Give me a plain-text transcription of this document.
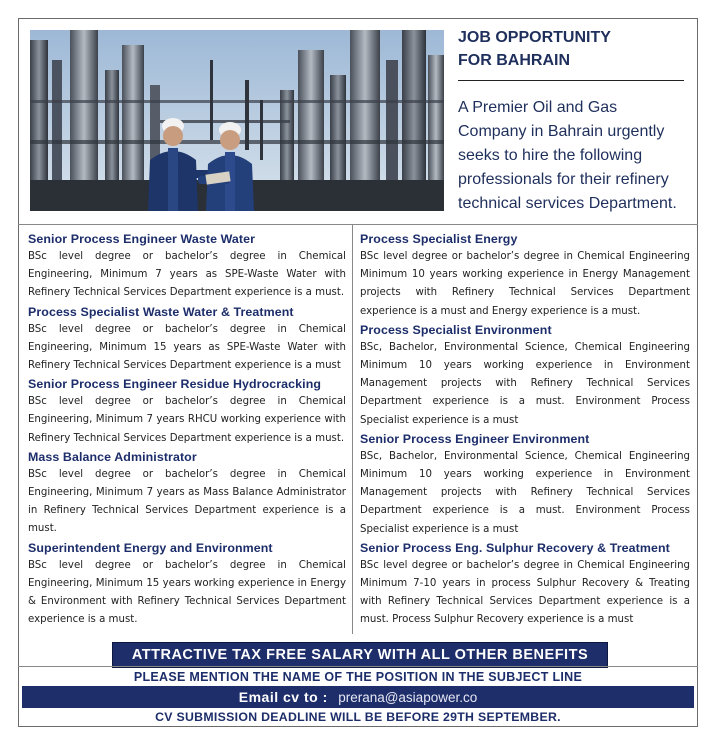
JOB OPPORTUNITY
FOR BAHRAIN
A Premier Oil and Gas Company in Bahrain urgently seeks to hire the following professionals for their refinery technical services Department.
Senior Process Engineer Waste Water

BSc level degree or bachelor’s degree in Chemical Engineering, Minimum 7 years as SPE-Waste Water with Refinery Technical Services Department experience is a must.

Process Specialist Waste Water & Treatment

BSc level degree or bachelor’s degree in Chemical Engineering, Minimum 15 years as SPE-Waste Water with Refinery Technical Services Department experience is a must

Senior Process Engineer Residue Hydrocracking

BSc level degree or bachelor’s degree in Chemical Engineering, Minimum 7 years RHCU working experience with Refinery Technical Services Department experience is a must.

Mass Balance Administrator

BSc level degree or bachelor’s degree in Chemical Engineering, Minimum 7 years as Mass Balance Administrator in Refinery Technical Services Department experience is a must.

Superintendent Energy and Environment

BSc level degree or bachelor’s degree in Chemical Engineering, Minimum 15 years working experience in Energy & Environment with Refinery Technical Services Department experience is a must.

Process Specialist Energy

BSc level degree or bachelor’s degree in Chemical Engineering Minimum 10 years working experience in Energy Management projects with Refinery Technical Services Department experience is a must and Energy experience is a must.

Process Specialist Environment

BSc, Bachelor, Environmental Science, Chemical Engineering Minimum 10 years working experience in Environment Management projects with Refinery Technical Services Department experience is a must. Environment Process Specialist experience is a must

Senior Process Engineer Environment

BSc, Bachelor, Environmental Science, Chemical Engineering Minimum 10 years working experience in Environment Management projects with Refinery Technical Services Department experience is a must. Environment Process Specialist experience is a must

Senior Process Eng. Sulphur Recovery & Treatment

BSc level degree or bachelor’s degree in Chemical Engineering Minimum 7-10 years in process Sulphur Recovery & Treating with Refinery Technical Services Department experience is a must. Process Sulphur Recovery experience is a must

ATTRACTIVE TAX FREE SALARY WITH ALL OTHER BENEFITS
PLEASE MENTION THE NAME OF THE POSITION IN THE SUBJECT LINE
Email cv to : prerana@asiapower.co
CV SUBMISSION DEADLINE WILL BE BEFORE 29TH SEPTEMBER.
